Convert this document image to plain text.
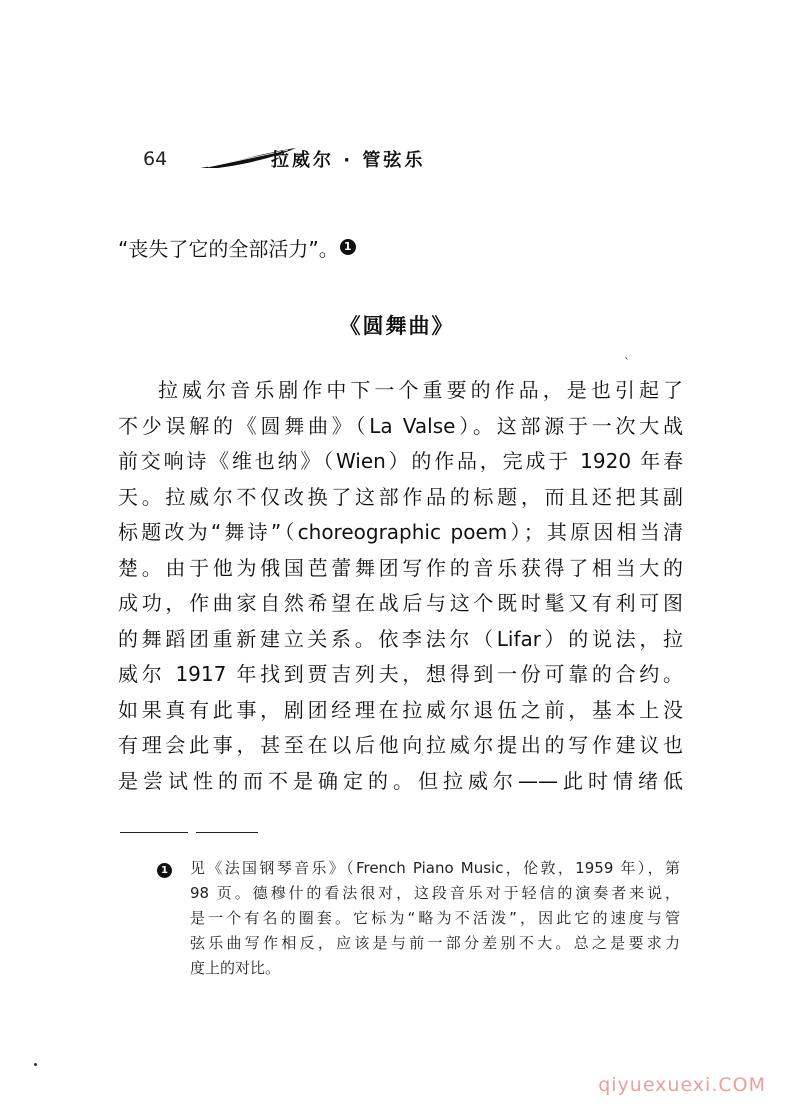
64	拉威尔 · 管弦乐
“丧失了它的全部活力”。 1
《圆舞曲》
ˋ
拉威尔音乐剧作中下一个重要的作品，是也引起了
不少误解的《圆舞曲》（La Valse）。这部源于一次大战
前交响诗《维也纳》（Wien）的作品，完成于 1920 年春
天。拉威尔不仅改换了这部作品的标题，而且还把其副
标题改为“舞诗”（choreographic poem）；其原因相当清
楚。由于他为俄国芭蕾舞团写作的音乐获得了相当大的
成功，作曲家自然希望在战后与这个既时髦又有利可图
的舞蹈团重新建立关系。依李法尔（Lifar）的说法，拉
威尔 1917 年找到贾吉列夫，想得到一份可靠的合约。
如果真有此事，剧团经理在拉威尔退伍之前，基本上没
有理会此事，甚至在以后他向拉威尔提出的写作建议也
是尝试性的而不是确定的。但拉威尔——此时情绪低
1 见《法国钢琴音乐》（French Piano Music，伦敦，1959 年），第
98 页。德穆什的看法很对，这段音乐对于轻信的演奏者来说，
是一个有名的圈套。它标为“略为不活泼”，因此它的速度与管
弦乐曲写作相反，应该是与前一部分差别不大。总之是要求力
度上的对比。
qiyuexuexi.COM
